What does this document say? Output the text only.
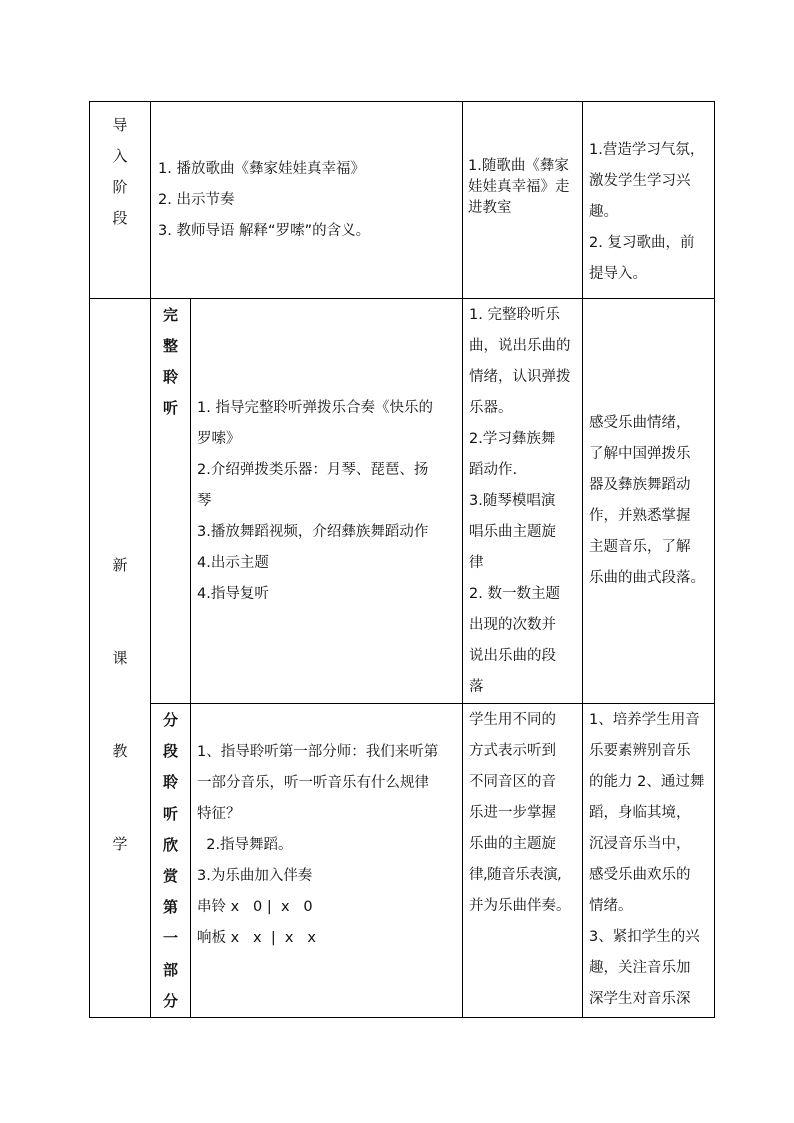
导
入
阶
段
1. 播放歌曲《彝家娃娃真幸福》
2. 出示节奏
3. 教师导语 解释“罗嗦”的含义。
1.随歌曲《彝家
娃娃真幸福》走
进教室
1.营造学习气氛，
激发学生学习兴
趣。
2. 复习歌曲，前
提导入。
新
课
教
学
完
整
聆
听	1. 指导完整聆听弹拨乐合奏《快乐的
罗嗦》
2.介绍弹拨类乐器：月琴、琵琶、扬
琴
3.播放舞蹈视频，介绍彝族舞蹈动作
4.出示主题
4.指导复听
1. 完整聆听乐
曲，说出乐曲的
情绪，认识弹拨
乐器。
2.学习彝族舞
蹈动作.
3.随琴模唱演
唱乐曲主题旋
律
2. 数一数主题
出现的次数并
说出乐曲的段
落
感受乐曲情绪，
了解中国弹拨乐
器及彝族舞蹈动
作，并熟悉掌握
主题音乐，了解
乐曲的曲式段落。
分
段
聆
听
欣
赏
第
一
部
分
1、指导聆听第一部分师：我们来听第
一部分音乐，听一听音乐有什么规律
特征？
2.指导舞蹈。
3.为乐曲加入伴奏
串铃 x   0 |  x   0
响板 x   x  |  x   x
学生用不同的
方式表示听到
不同音区的音
乐进一步掌握
乐曲的主题旋
律,随音乐表演,
并为乐曲伴奏。
1、培养学生用音
乐要素辨别音乐
的能力 2、通过舞
蹈，身临其境，
沉浸音乐当中，
感受乐曲欢乐的
情绪。
3、紧扣学生的兴
趣，关注音乐加
深学生对音乐深
